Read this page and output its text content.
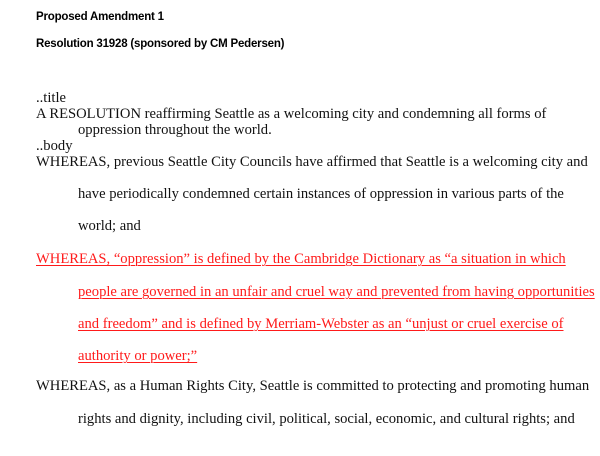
Proposed Amendment 1
Resolution 31928 (sponsored by CM Pedersen)
..title
A RESOLUTION reaffirming Seattle as a welcoming city and condemning all forms of
oppression throughout the world.
..body
WHEREAS, previous Seattle City Councils have affirmed that Seattle is a welcoming city and
have periodically condemned certain instances of oppression in various parts of the
world; and
WHEREAS, “oppression” is defined by the Cambridge Dictionary as “a situation in which
people are governed in an unfair and cruel way and prevented from having opportunities
and freedom” and is defined by Merriam-Webster as an “unjust or cruel exercise of
authority or power;”
WHEREAS, as a Human Rights City, Seattle is committed to protecting and promoting human
rights and dignity, including civil, political, social, economic, and cultural rights; and
